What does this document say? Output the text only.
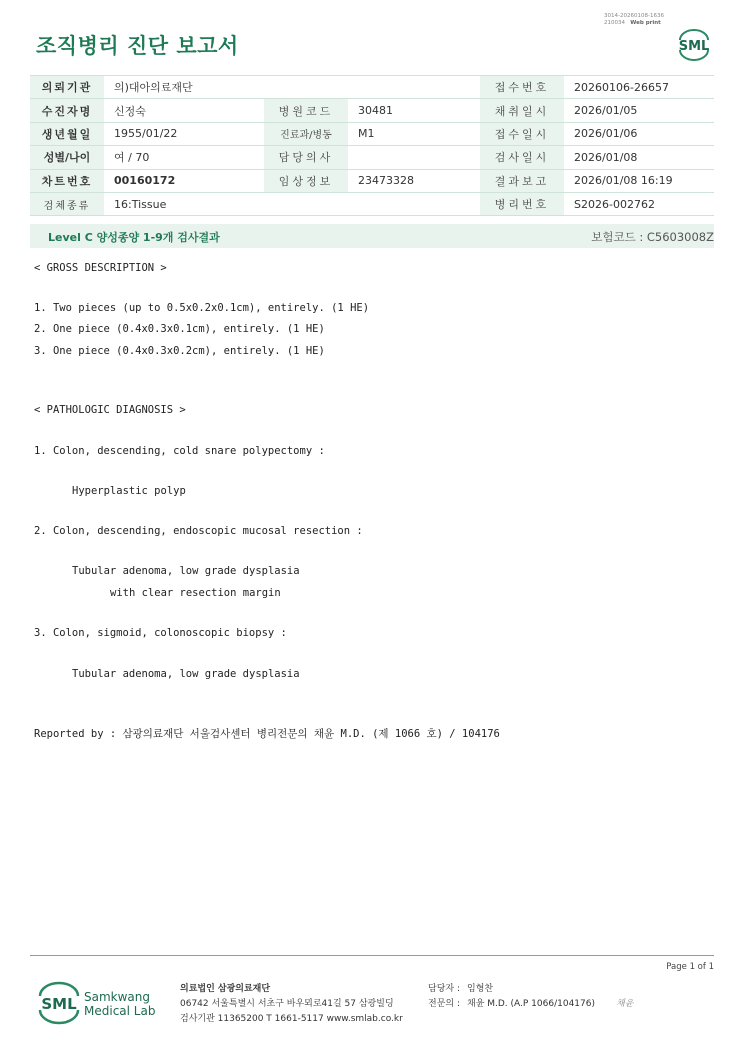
조직병리 진단 보고서
3014-20260108-1636
210034 Web print
SML
의뢰기관	의)대아의료재단			접수번호	20260106-26657
수진자명	신정숙	병원코드	30481	채취일시	2026/01/05
생년월일	1955/01/22	진료과/병동	M1	접수일시	2026/01/06
성별/나이	여 / 70	담당의사		검사일시	2026/01/08
차트번호	00160172	임상정보	23473328	결과보고	2026/01/08 16:19
검체종류	16:Tissue			병리번호	S2026-002762
Level C 양성종양 1-9개 검사결과	보험코드 : C5603008Z
< GROSS DESCRIPTION >
1. Two pieces (up to 0.5x0.2x0.1cm), entirely. (1 HE)
2. One piece (0.4x0.3x0.1cm), entirely. (1 HE)
3. One piece (0.4x0.3x0.2cm), entirely. (1 HE)
< PATHOLOGIC DIAGNOSIS >
1. Colon, descending, cold snare polypectomy :
Hyperplastic polyp
2. Colon, descending, endoscopic mucosal resection :
Tubular adenoma, low grade dysplasia
with clear resection margin
3. Colon, sigmoid, colonoscopic biopsy :
Tubular adenoma, low grade dysplasia
Reported by : 삼광의료재단 서울검사센터 병리전문의 채윤 M.D. (제 1066 호) / 104176
Page 1 of 1
SML Samkwang
Medical Lab
의료법인 삼광의료재단
06742 서울특별시 서초구 바우뫼로41길 57 삼광빌딩
검사기관 11365200 T 1661-5117 www.smlab.co.kr
담당자 : 임형찬
전문의 : 채윤 M.D. (A.P 1066/104176) 채윤
